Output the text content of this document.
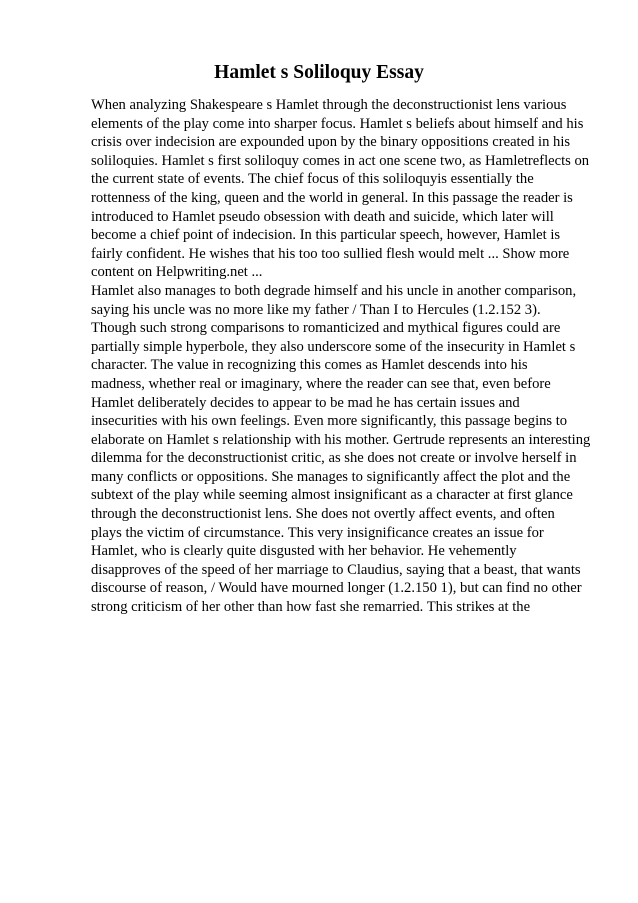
Hamlet s Soliloquy Essay
When analyzing Shakespeare s Hamlet through the deconstructionist lens various
elements of the play come into sharper focus. Hamlet s beliefs about himself and his
crisis over indecision are expounded upon by the binary oppositions created in his
soliloquies. Hamlet s first soliloquy comes in act one scene two, as Hamletreflects on
the current state of events. The chief focus of this soliloquyis essentially the
rottenness of the king, queen and the world in general. In this passage the reader is
introduced to Hamlet pseudo obsession with death and suicide, which later will
become a chief point of indecision. In this particular speech, however, Hamlet is
fairly confident. He wishes that his too too sullied flesh would melt ... Show more
content on Helpwriting.net ...
Hamlet also manages to both degrade himself and his uncle in another comparison,
saying his uncle was no more like my father / Than I to Hercules (1.2.152 3).
Though such strong comparisons to romanticized and mythical figures could are
partially simple hyperbole, they also underscore some of the insecurity in Hamlet s
character. The value in recognizing this comes as Hamlet descends into his
madness, whether real or imaginary, where the reader can see that, even before
Hamlet deliberately decides to appear to be mad he has certain issues and
insecurities with his own feelings. Even more significantly, this passage begins to
elaborate on Hamlet s relationship with his mother. Gertrude represents an interesting
dilemma for the deconstructionist critic, as she does not create or involve herself in
many conflicts or oppositions. She manages to significantly affect the plot and the
subtext of the play while seeming almost insignificant as a character at first glance
through the deconstructionist lens. She does not overtly affect events, and often
plays the victim of circumstance. This very insignificance creates an issue for
Hamlet, who is clearly quite disgusted with her behavior. He vehemently
disapproves of the speed of her marriage to Claudius, saying that a beast, that wants
discourse of reason, / Would have mourned longer (1.2.150 1), but can find no other
strong criticism of her other than how fast she remarried. This strikes at the
